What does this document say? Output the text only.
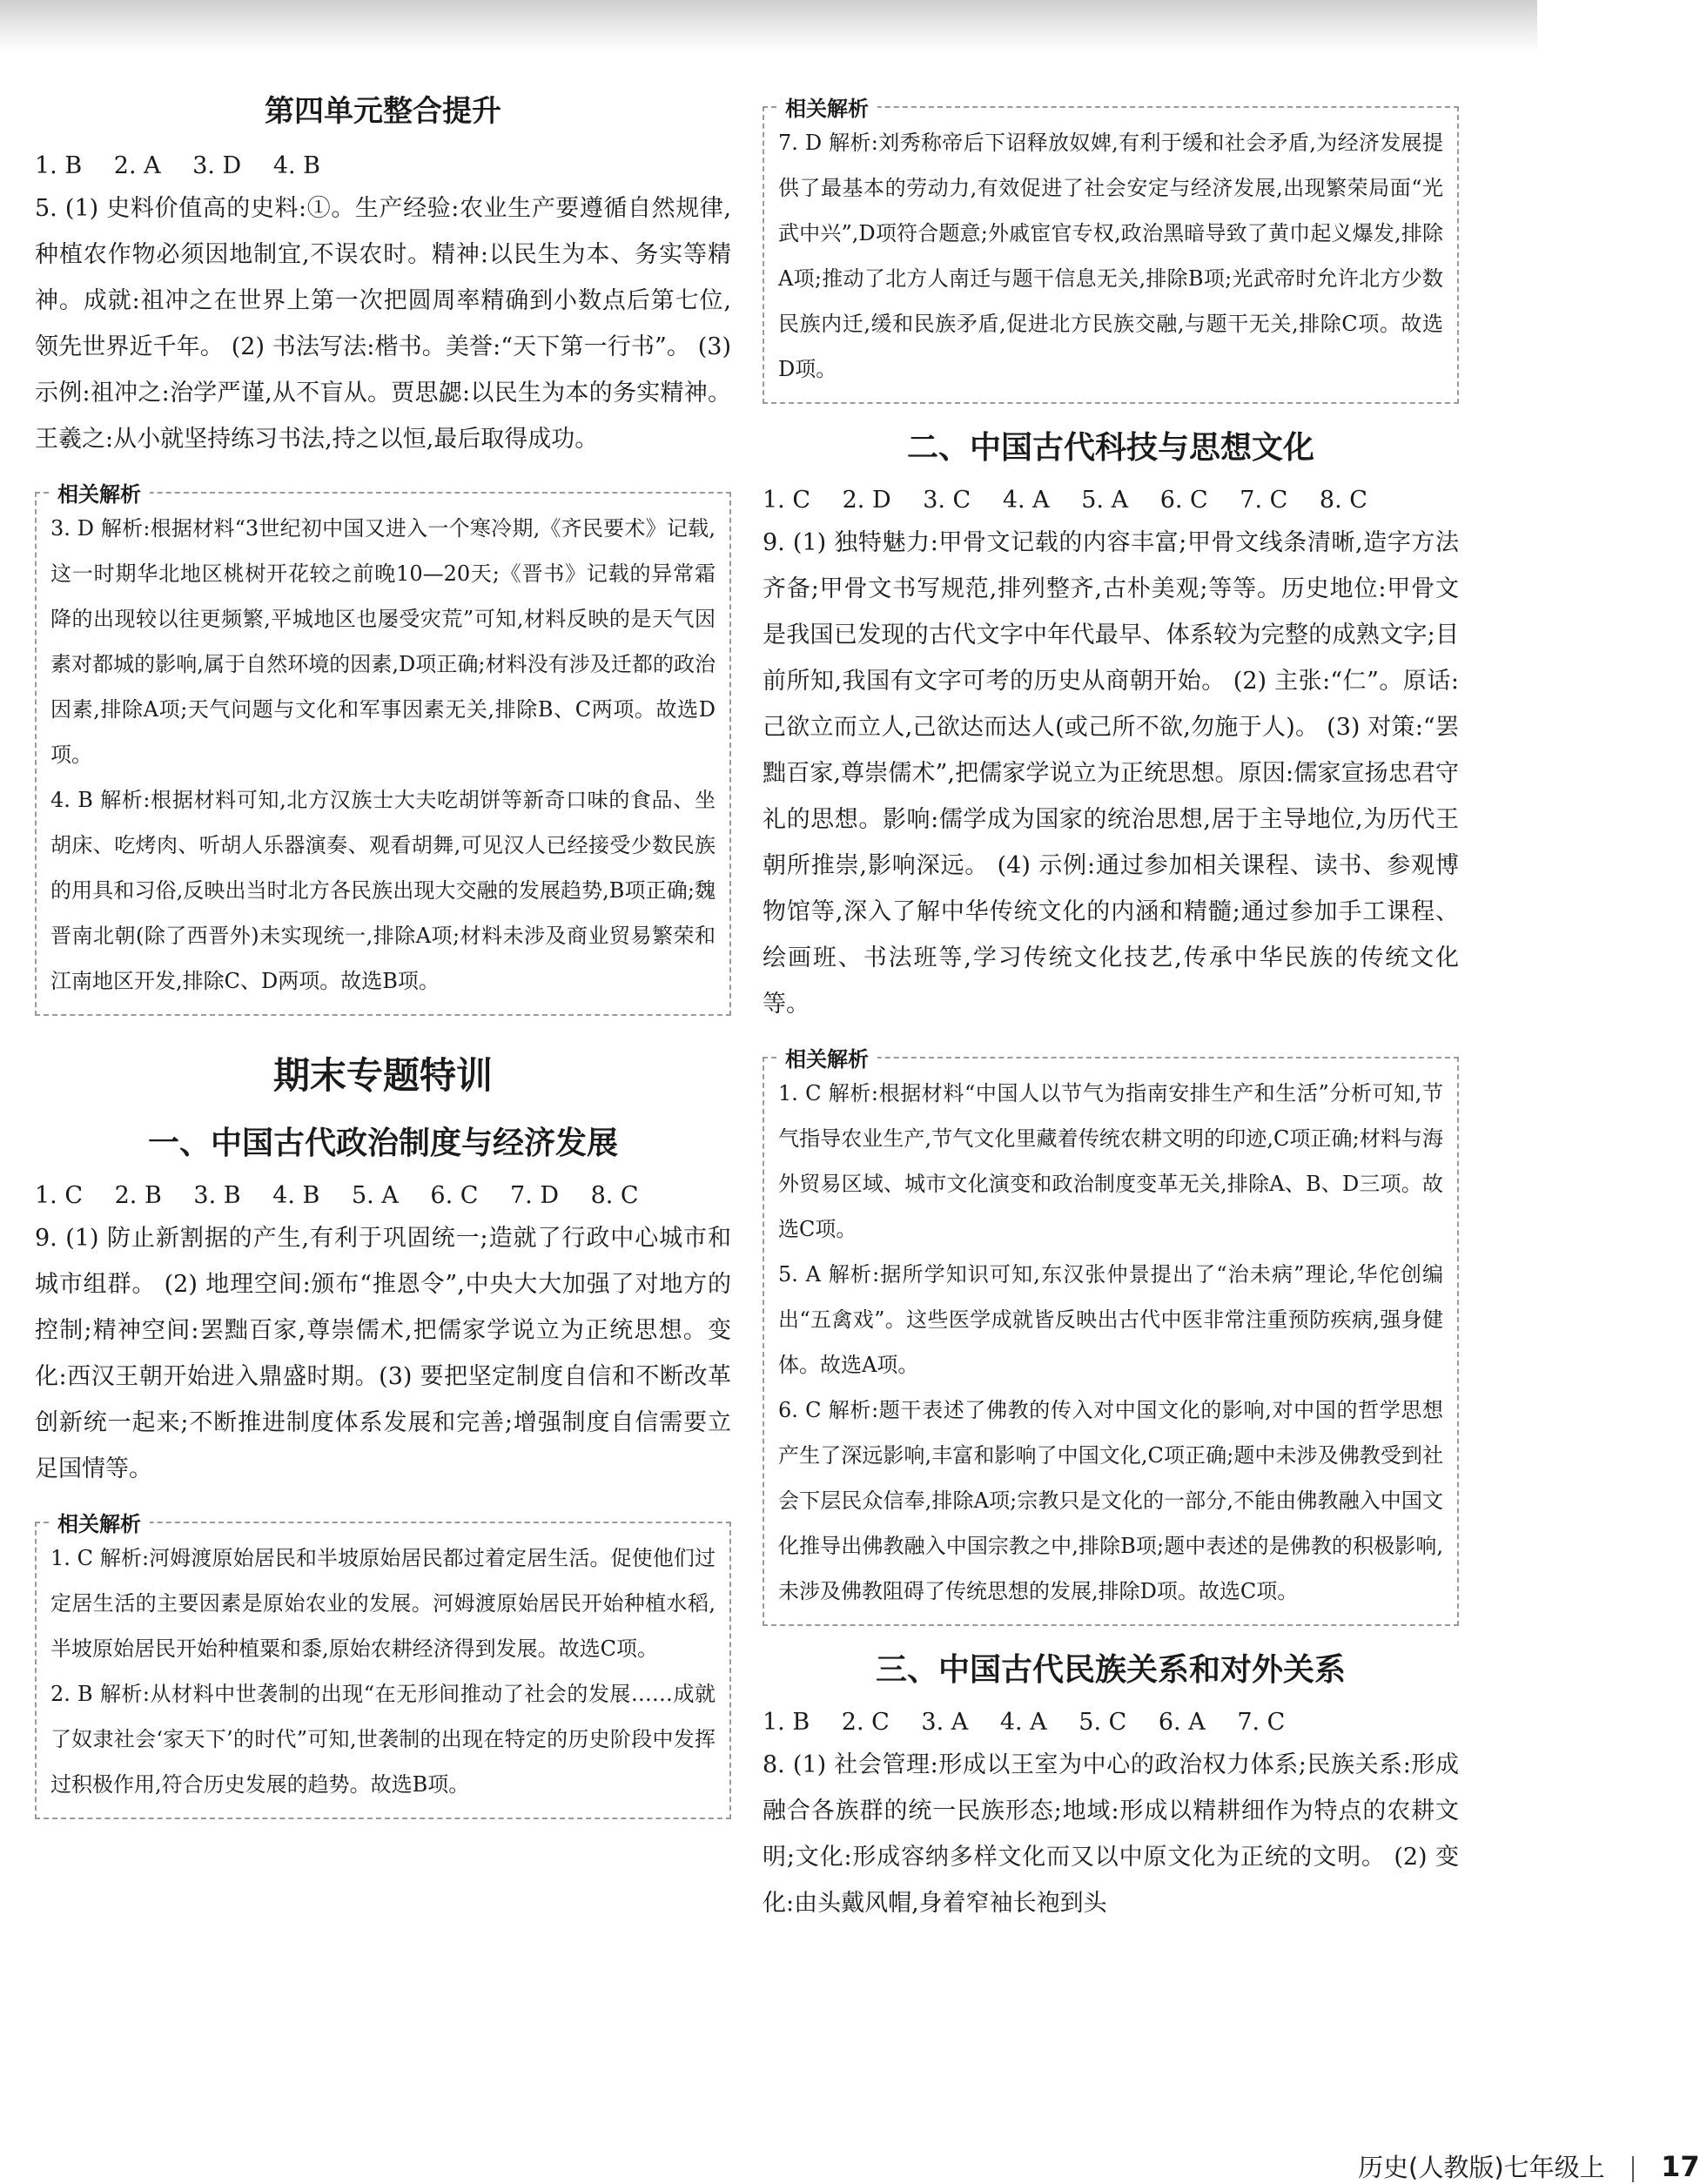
第四单元整合提升
1. B 2. A 3. D 4. B
5. (1) 史料价值高的史料:①。生产经验:农业生产要遵循自然规律,种植农作物必须因地制宜,不误农时。精神:以民生为本、务实等精神。成就:祖冲之在世界上第一次把圆周率精确到小数点后第七位,领先世界近千年。 (2) 书法写法:楷书。美誉:“天下第一行书”。 (3) 示例:祖冲之:治学严谨,从不盲从。贾思勰:以民生为本的务实精神。王羲之:从小就坚持练习书法,持之以恒,最后取得成功。
相关解析
3. D 解析:根据材料“3世纪初中国又进入一个寒冷期,《齐民要术》记载,这一时期华北地区桃树开花较之前晚10—20天;《晋书》记载的异常霜降的出现较以往更频繁,平城地区也屡受灾荒”可知,材料反映的是天气因素对都城的影响,属于自然环境的因素,D项正确;材料没有涉及迁都的政治因素,排除A项;天气问题与文化和军事因素无关,排除B、C两项。故选D项。
4. B 解析:根据材料可知,北方汉族士大夫吃胡饼等新奇口味的食品、坐胡床、吃烤肉、听胡人乐器演奏、观看胡舞,可见汉人已经接受少数民族的用具和习俗,反映出当时北方各民族出现大交融的发展趋势,B项正确;魏晋南北朝(除了西晋外)未实现统一,排除A项;材料未涉及商业贸易繁荣和江南地区开发,排除C、D两项。故选B项。
期末专题特训
一、中国古代政治制度与经济发展
1. C 2. B 3. B 4. B 5. A 6. C 7. D 8. C
9. (1) 防止新割据的产生,有利于巩固统一;造就了行政中心城市和城市组群。 (2) 地理空间:颁布“推恩令”,中央大大加强了对地方的控制;精神空间:罢黜百家,尊崇儒术,把儒家学说立为正统思想。变化:西汉王朝开始进入鼎盛时期。(3) 要把坚定制度自信和不断改革创新统一起来;不断推进制度体系发展和完善;增强制度自信需要立足国情等。
相关解析
1. C 解析:河姆渡原始居民和半坡原始居民都过着定居生活。促使他们过定居生活的主要因素是原始农业的发展。河姆渡原始居民开始种植水稻,半坡原始居民开始种植粟和黍,原始农耕经济得到发展。故选C项。
2. B 解析:从材料中世袭制的出现“在无形间推动了社会的发展……成就了奴隶社会‘家天下’的时代”可知,世袭制的出现在特定的历史阶段中发挥过积极作用,符合历史发展的趋势。故选B项。
相关解析
7. D 解析:刘秀称帝后下诏释放奴婢,有利于缓和社会矛盾,为经济发展提供了最基本的劳动力,有效促进了社会安定与经济发展,出现繁荣局面“光武中兴”,D项符合题意;外戚宦官专权,政治黑暗导致了黄巾起义爆发,排除A项;推动了北方人南迁与题干信息无关,排除B项;光武帝时允许北方少数民族内迁,缓和民族矛盾,促进北方民族交融,与题干无关,排除C项。故选D项。
二、中国古代科技与思想文化
1. C 2. D 3. C 4. A 5. A 6. C 7. C 8. C
9. (1) 独特魅力:甲骨文记载的内容丰富;甲骨文线条清晰,造字方法齐备;甲骨文书写规范,排列整齐,古朴美观;等等。历史地位:甲骨文是我国已发现的古代文字中年代最早、体系较为完整的成熟文字;目前所知,我国有文字可考的历史从商朝开始。 (2) 主张:“仁”。原话:己欲立而立人,己欲达而达人(或己所不欲,勿施于人)。 (3) 对策:“罢黜百家,尊崇儒术”,把儒家学说立为正统思想。原因:儒家宣扬忠君守礼的思想。影响:儒学成为国家的统治思想,居于主导地位,为历代王朝所推崇,影响深远。 (4) 示例:通过参加相关课程、读书、参观博物馆等,深入了解中华传统文化的内涵和精髓;通过参加手工课程、绘画班、书法班等,学习传统文化技艺,传承中华民族的传统文化等。
相关解析
1. C 解析:根据材料“中国人以节气为指南安排生产和生活”分析可知,节气指导农业生产,节气文化里藏着传统农耕文明的印迹,C项正确;材料与海外贸易区域、城市文化演变和政治制度变革无关,排除A、B、D三项。故选C项。
5. A 解析:据所学知识可知,东汉张仲景提出了“治未病”理论,华佗创编出“五禽戏”。这些医学成就皆反映出古代中医非常注重预防疾病,强身健体。故选A项。
6. C 解析:题干表述了佛教的传入对中国文化的影响,对中国的哲学思想产生了深远影响,丰富和影响了中国文化,C项正确;题中未涉及佛教受到社会下层民众信奉,排除A项;宗教只是文化的一部分,不能由佛教融入中国文化推导出佛教融入中国宗教之中,排除B项;题中表述的是佛教的积极影响,未涉及佛教阻碍了传统思想的发展,排除D项。故选C项。
三、中国古代民族关系和对外关系
1. B 2. C 3. A 4. A 5. C 6. A 7. C
8. (1) 社会管理:形成以王室为中心的政治权力体系;民族关系:形成融合各族群的统一民族形态;地域:形成以精耕细作为特点的农耕文明;文化:形成容纳多样文化而又以中原文化为正统的文明。 (2) 变化:由头戴风帽,身着窄袖长袍到头
历史(人教版)七年级上 17
